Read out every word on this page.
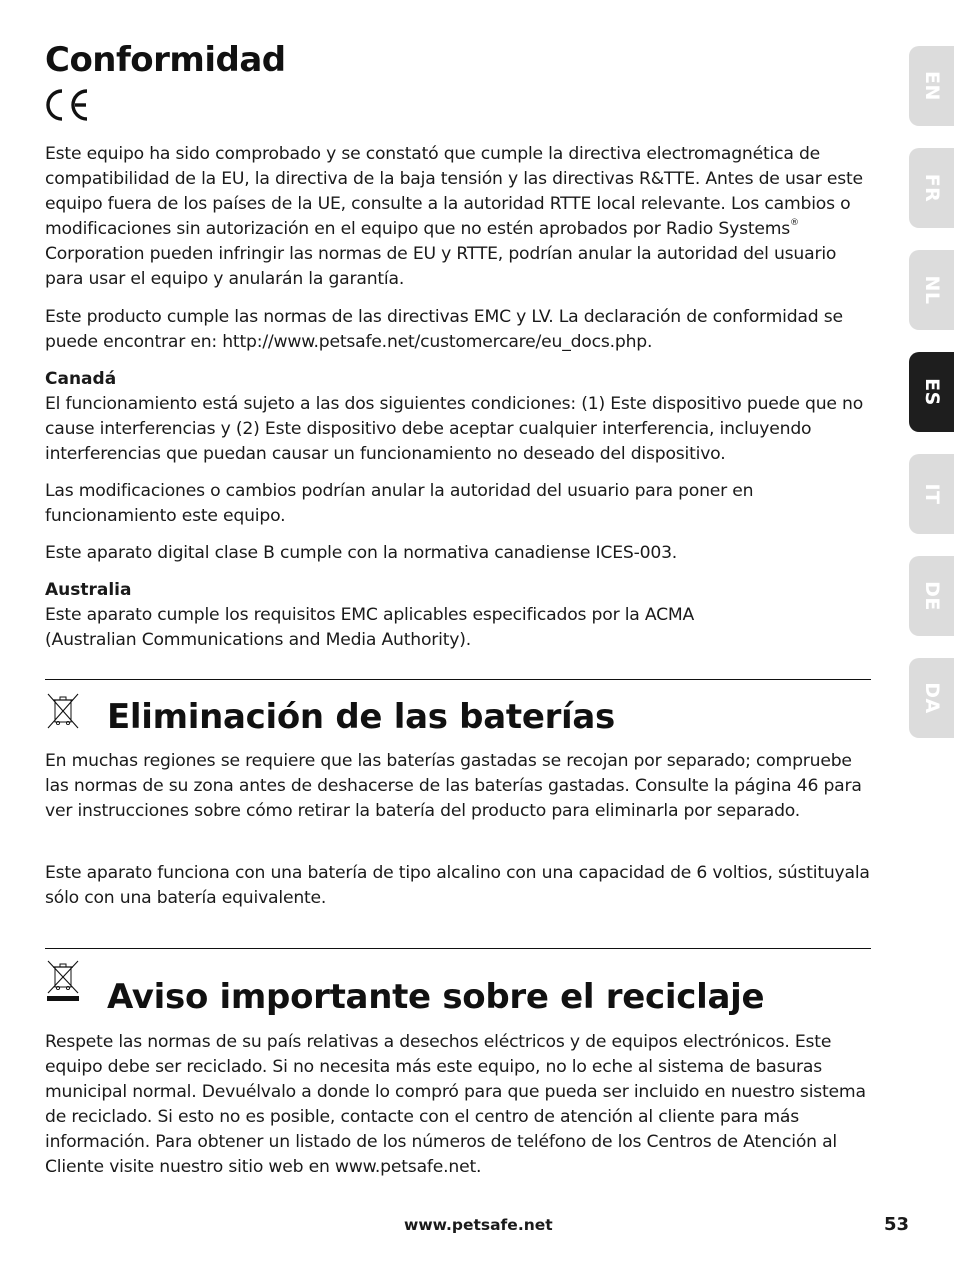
Conformidad

Este equipo ha sido comprobado y se constató que cumple la directiva electromagnética de compatibilidad de la EU, la directiva de la baja tensión y las directivas R&TTE. Antes de usar este equipo fuera de los países de la UE, consulte a la autoridad RTTE local relevante. Los cambios o modificaciones sin autorización en el equipo que no estén aprobados por Radio Systems® Corporation pueden infringir las normas de EU y RTTE, podrían anular la autoridad del usuario para usar el equipo y anularán la garantía.

Este producto cumple las normas de las directivas EMC y LV. La declaración de conformidad se puede encontrar en: http://www.petsafe.net/customercare/eu_docs.php.

Canadá

El funcionamiento está sujeto a las dos siguientes condiciones: (1) Este dispositivo puede que no cause interferencias y (2) Este dispositivo debe aceptar cualquier interferencia, incluyendo interferencias que puedan causar un funcionamiento no deseado del dispositivo.

Las modificaciones o cambios podrían anular la autoridad del usuario para poner en funcionamiento este equipo.

Este aparato digital clase B cumple con la normativa canadiense ICES-003.

Australia

Este aparato cumple los requisitos EMC aplicables especificados por la ACMA (Australian Communications and Media Authority).

Eliminación de las baterías

En muchas regiones se requiere que las baterías gastadas se recojan por separado; compruebe las normas de su zona antes de deshacerse de las baterías gastadas. Consulte la página 46 para ver instrucciones sobre cómo retirar la batería del producto para eliminarla por separado.

Este aparato funciona con una batería de tipo alcalino con una capacidad de 6 voltios, sústituyala sólo con una batería equivalente.

Aviso importante sobre el reciclaje

Respete las normas de su país relativas a desechos eléctricos y de equipos electrónicos. Este equipo debe ser reciclado. Si no necesita más este equipo, no lo eche al sistema de basuras municipal normal. Devuélvalo a donde lo compró para que pueda ser incluido en nuestro sistema de reciclado. Si esto no es posible, contacte con el centro de atención al cliente para más información. Para obtener un listado de los números de teléfono de los Centros de Atención al Cliente visite nuestro sitio web en www.petsafe.net.

EN
FR
NL
ES
IT
DE
DA
www.petsafe.net	53
